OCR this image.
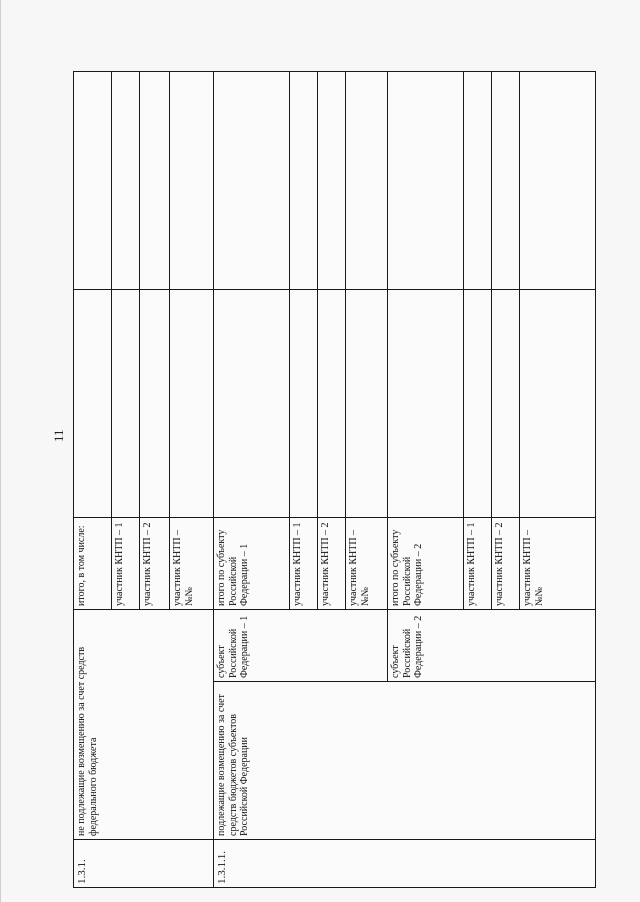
11
1.3.1.	не подлежащие возмещению за счет средств федерального бюджета		итого, в том числе:		
			участник КНТП – 1		
			участник КНТП – 2		
			участник КНТП – №№		
1.3.1.1.	подлежащие возмещению за счет средств бюджетов субъектов Российской Федерации	субъект Российской Федерации – 1	итого по субъекту Российской Федерации – 1		
			участник КНТП – 1		
			участник КНТП – 2		
			участник КНТП – №№		
		субъект Российской Федерации – 2	итого по субъекту Российской Федерации – 2		
			участник КНТП – 1		
			участник КНТП – 2		
			участник КНТП – №№		
